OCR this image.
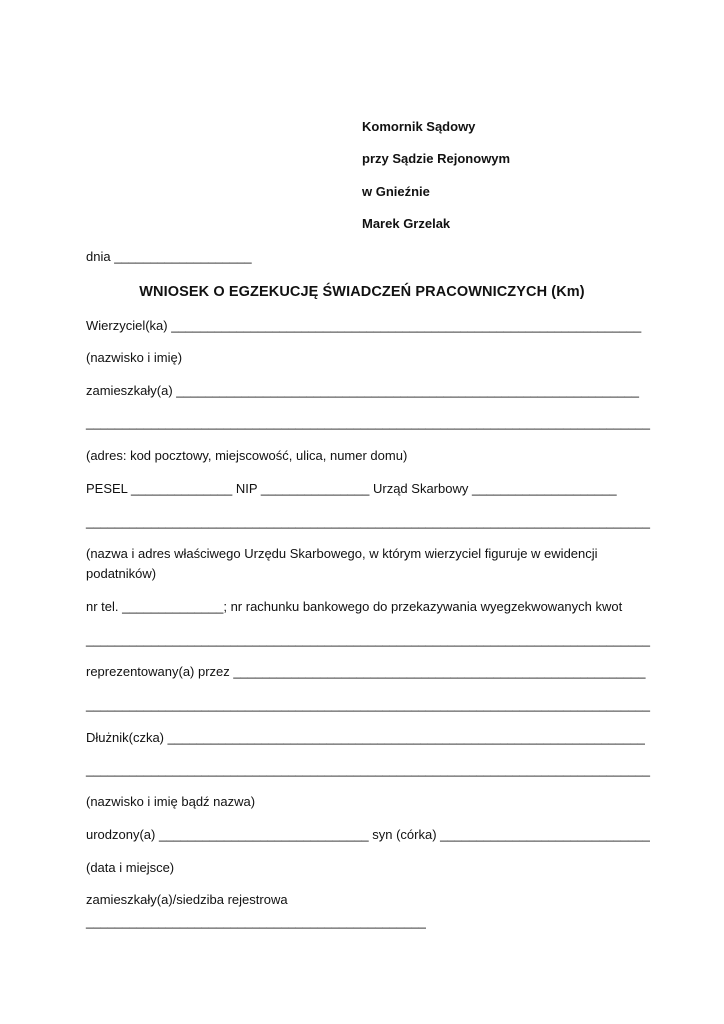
Komornik Sądowy
przy Sądzie Rejonowym
w Gnieźnie
Marek Grzelak
dnia ___________________
WNIOSEK O EGZEKUCJĘ ŚWIADCZEŃ PRACOWNICZYCH (Km)
Wierzyciel(ka) _________________________________________________________________
(nazwisko i imię)
zamieszkały(a) ________________________________________________________________
______________________________________________________________________________
(adres: kod pocztowy, miejscowość, ulica, numer domu)
PESEL ______________ NIP _______________ Urząd Skarbowy ____________________
______________________________________________________________________________
(nazwa i adres właściwego Urzędu Skarbowego, w którym wierzyciel figuruje w ewidencji
podatników)
nr tel. ______________; nr rachunku bankowego do przekazywania wyegzekwowanych kwot
______________________________________________________________________________
reprezentowany(a) przez _________________________________________________________
______________________________________________________________________________
Dłużnik(czka) __________________________________________________________________
______________________________________________________________________________
(nazwisko i imię bądź nazwa)
urodzony(a) _____________________________ syn (córka) _____________________________
(data i miejsce)
zamieszkały(a)/siedziba rejestrowa
_______________________________________________
